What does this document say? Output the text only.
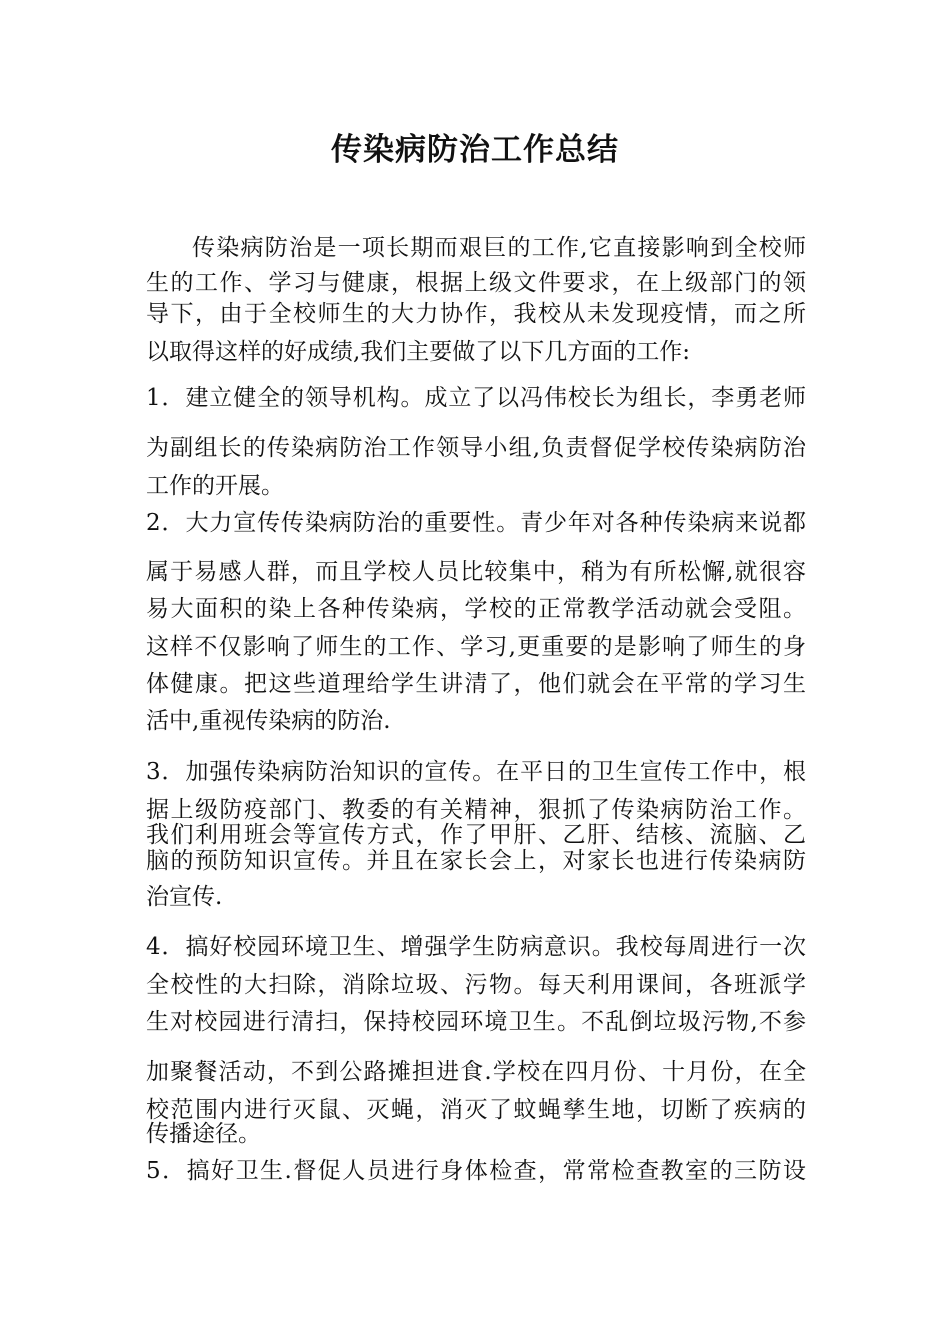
传染病防治工作总结

传染病防治是一项长期而艰巨的工作,它直接影响到全校师

生的工作、学习与健康，根据上级文件要求，在上级部门的领

导下，由于全校师生的大力协作，我校从未发现疫情，而之所

以取得这样的好成绩,我们主要做了以下几方面的工作:

1．建立健全的领导机构。成立了以冯伟校长为组长，李勇老师

为副组长的传染病防治工作领导小组,负责督促学校传染病防治

工作的开展。

2．大力宣传传染病防治的重要性。青少年对各种传染病来说都

属于易感人群，而且学校人员比较集中，稍为有所松懈,就很容

易大面积的染上各种传染病，学校的正常教学活动就会受阻。

这样不仅影响了师生的工作、学习,更重要的是影响了师生的身

体健康。把这些道理给学生讲清了，他们就会在平常的学习生

活中,重视传染病的防治.

3．加强传染病防治知识的宣传。在平日的卫生宣传工作中，根

据上级防疫部门、教委的有关精神，狠抓了传染病防治工作。

我们利用班会等宣传方式，作了甲肝、乙肝、结核、流脑、乙

脑的预防知识宣传。并且在家长会上，对家长也进行传染病防

治宣传.

4．搞好校园环境卫生、增强学生防病意识。我校每周进行一次

全校性的大扫除，消除垃圾、污物。每天利用课间，各班派学

生对校园进行清扫，保持校园环境卫生。不乱倒垃圾污物,不参

加聚餐活动，不到公路摊担进食.学校在四月份、十月份，在全

校范围内进行灭鼠、灭蝇，消灭了蚊蝇孳生地，切断了疾病的

传播途径。

5．搞好卫生.督促人员进行身体检查，常常检查教室的三防设
